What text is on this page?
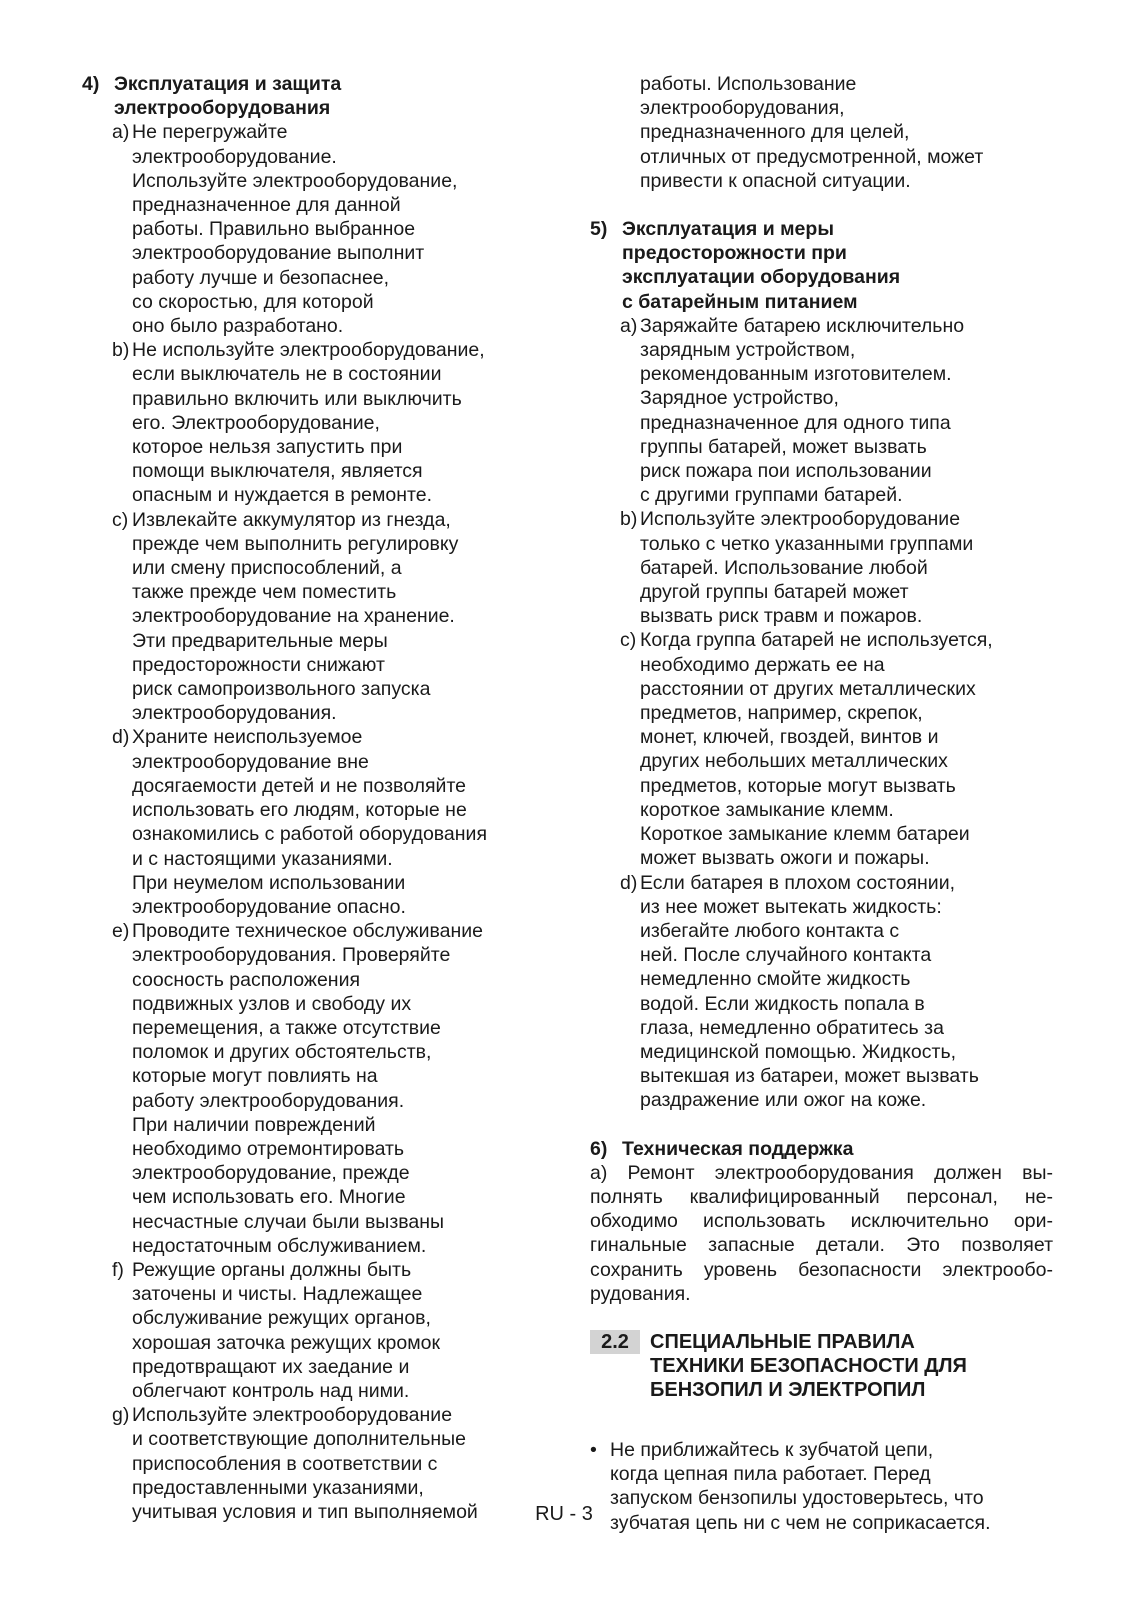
4) Эксплуатация и защита
электрооборудования
a) Не перегружайте
электрооборудование.
Используйте электрооборудование,
предназначенное для данной
работы. Правильно выбранное
электрооборудование выполнит
работу лучше и безопаснее,
со скоростью, для которой
оно было разработано.
b) Не используйте электрооборудование,
если выключатель не в состоянии
правильно включить или выключить
его. Электрооборудование,
которое нельзя запустить при
помощи выключателя, является
опасным и нуждается в ремонте.
c) Извлекайте аккумулятор из гнезда,
прежде чем выполнить регулировку
или смену приспособлений, а
также прежде чем поместить
электрооборудование на хранение.
Эти предварительные меры
предосторожности снижают
риск самопроизвольного запуска
электрооборудования.
d) Храните неиспользуемое
электрооборудование вне
досягаемости детей и не позволяйте
использовать его людям, которые не
ознакомились с работой оборудования
и с настоящими указаниями.
При неумелом использовании
электрооборудование опасно.
e) Проводите техническое обслуживание
электрооборудования. Проверяйте
соосность расположения
подвижных узлов и свободу их
перемещения, а также отсутствие
поломок и других обстоятельств,
которые могут повлиять на
работу электрооборудования.
При наличии повреждений
необходимо отремонтировать
электрооборудование, прежде
чем использовать его. Многие
несчастные случаи были вызваны
недостаточным обслуживанием.
f) Режущие органы должны быть
заточены и чисты. Надлежащее
обслуживание режущих органов,
хорошая заточка режущих кромок
предотвращают их заедание и
облегчают контроль над ними.
g) Используйте электрооборудование
и соответствующие дополнительные
приспособления в соответствии с
предоставленными указаниями,
учитывая условия и тип выполняемой
работы. Использование
электрооборудования,
предназначенного для целей,
отличных от предусмотренной, может
привести к опасной ситуации.
5) Эксплуатация и меры
предосторожности при
эксплуатации оборудования
с батарейным питанием
a) Заряжайте батарею исключительно
зарядным устройством,
рекомендованным изготовителем.
Зарядное устройство,
предназначенное для одного типа
группы батарей, может вызвать
риск пожара пои использовании
с другими группами батарей.
b) Используйте электрооборудование
только с четко указанными группами
батарей. Использование любой
другой группы батарей может
вызвать риск травм и пожаров.
c) Когда группа батарей не используется,
необходимо держать ее на
расстоянии от других металлических
предметов, например, скрепок,
монет, ключей, гвоздей, винтов и
других небольших металлических
предметов, которые могут вызвать
короткое замыкание клемм.
Короткое замыкание клемм батареи
может вызвать ожоги и пожары.
d) Если батарея в плохом состоянии,
из нее может вытекать жидкость:
избегайте любого контакта с
ней. После случайного контакта
немедленно смойте жидкость
водой. Если жидкость попала в
глаза, немедленно обратитесь за
медицинской помощью. Жидкость,
вытекшая из батареи, может вызвать
раздражение или ожог на коже.
6) Техническая поддержка
a) Ремонт электрооборудования должен вы-
полнять квалифицированный персонал, не-
обходимо использовать исключительно ори-
гинальные запасные детали. Это позволяет
сохранить уровень безопасности электрообо-
рудования.
2.2	СПЕЦИАЛЬНЫЕ ПРАВИЛА
ТЕХНИКИ БЕЗОПАСНОСТИ ДЛЯ
БЕНЗОПИЛ И ЭЛЕКТРОПИЛ
• Не приближайтесь к зубчатой цепи,
когда цепная пила работает. Перед
запуском бензопилы удостоверьтесь, что
зубчатая цепь ни с чем не соприкасается.
RU - 3
